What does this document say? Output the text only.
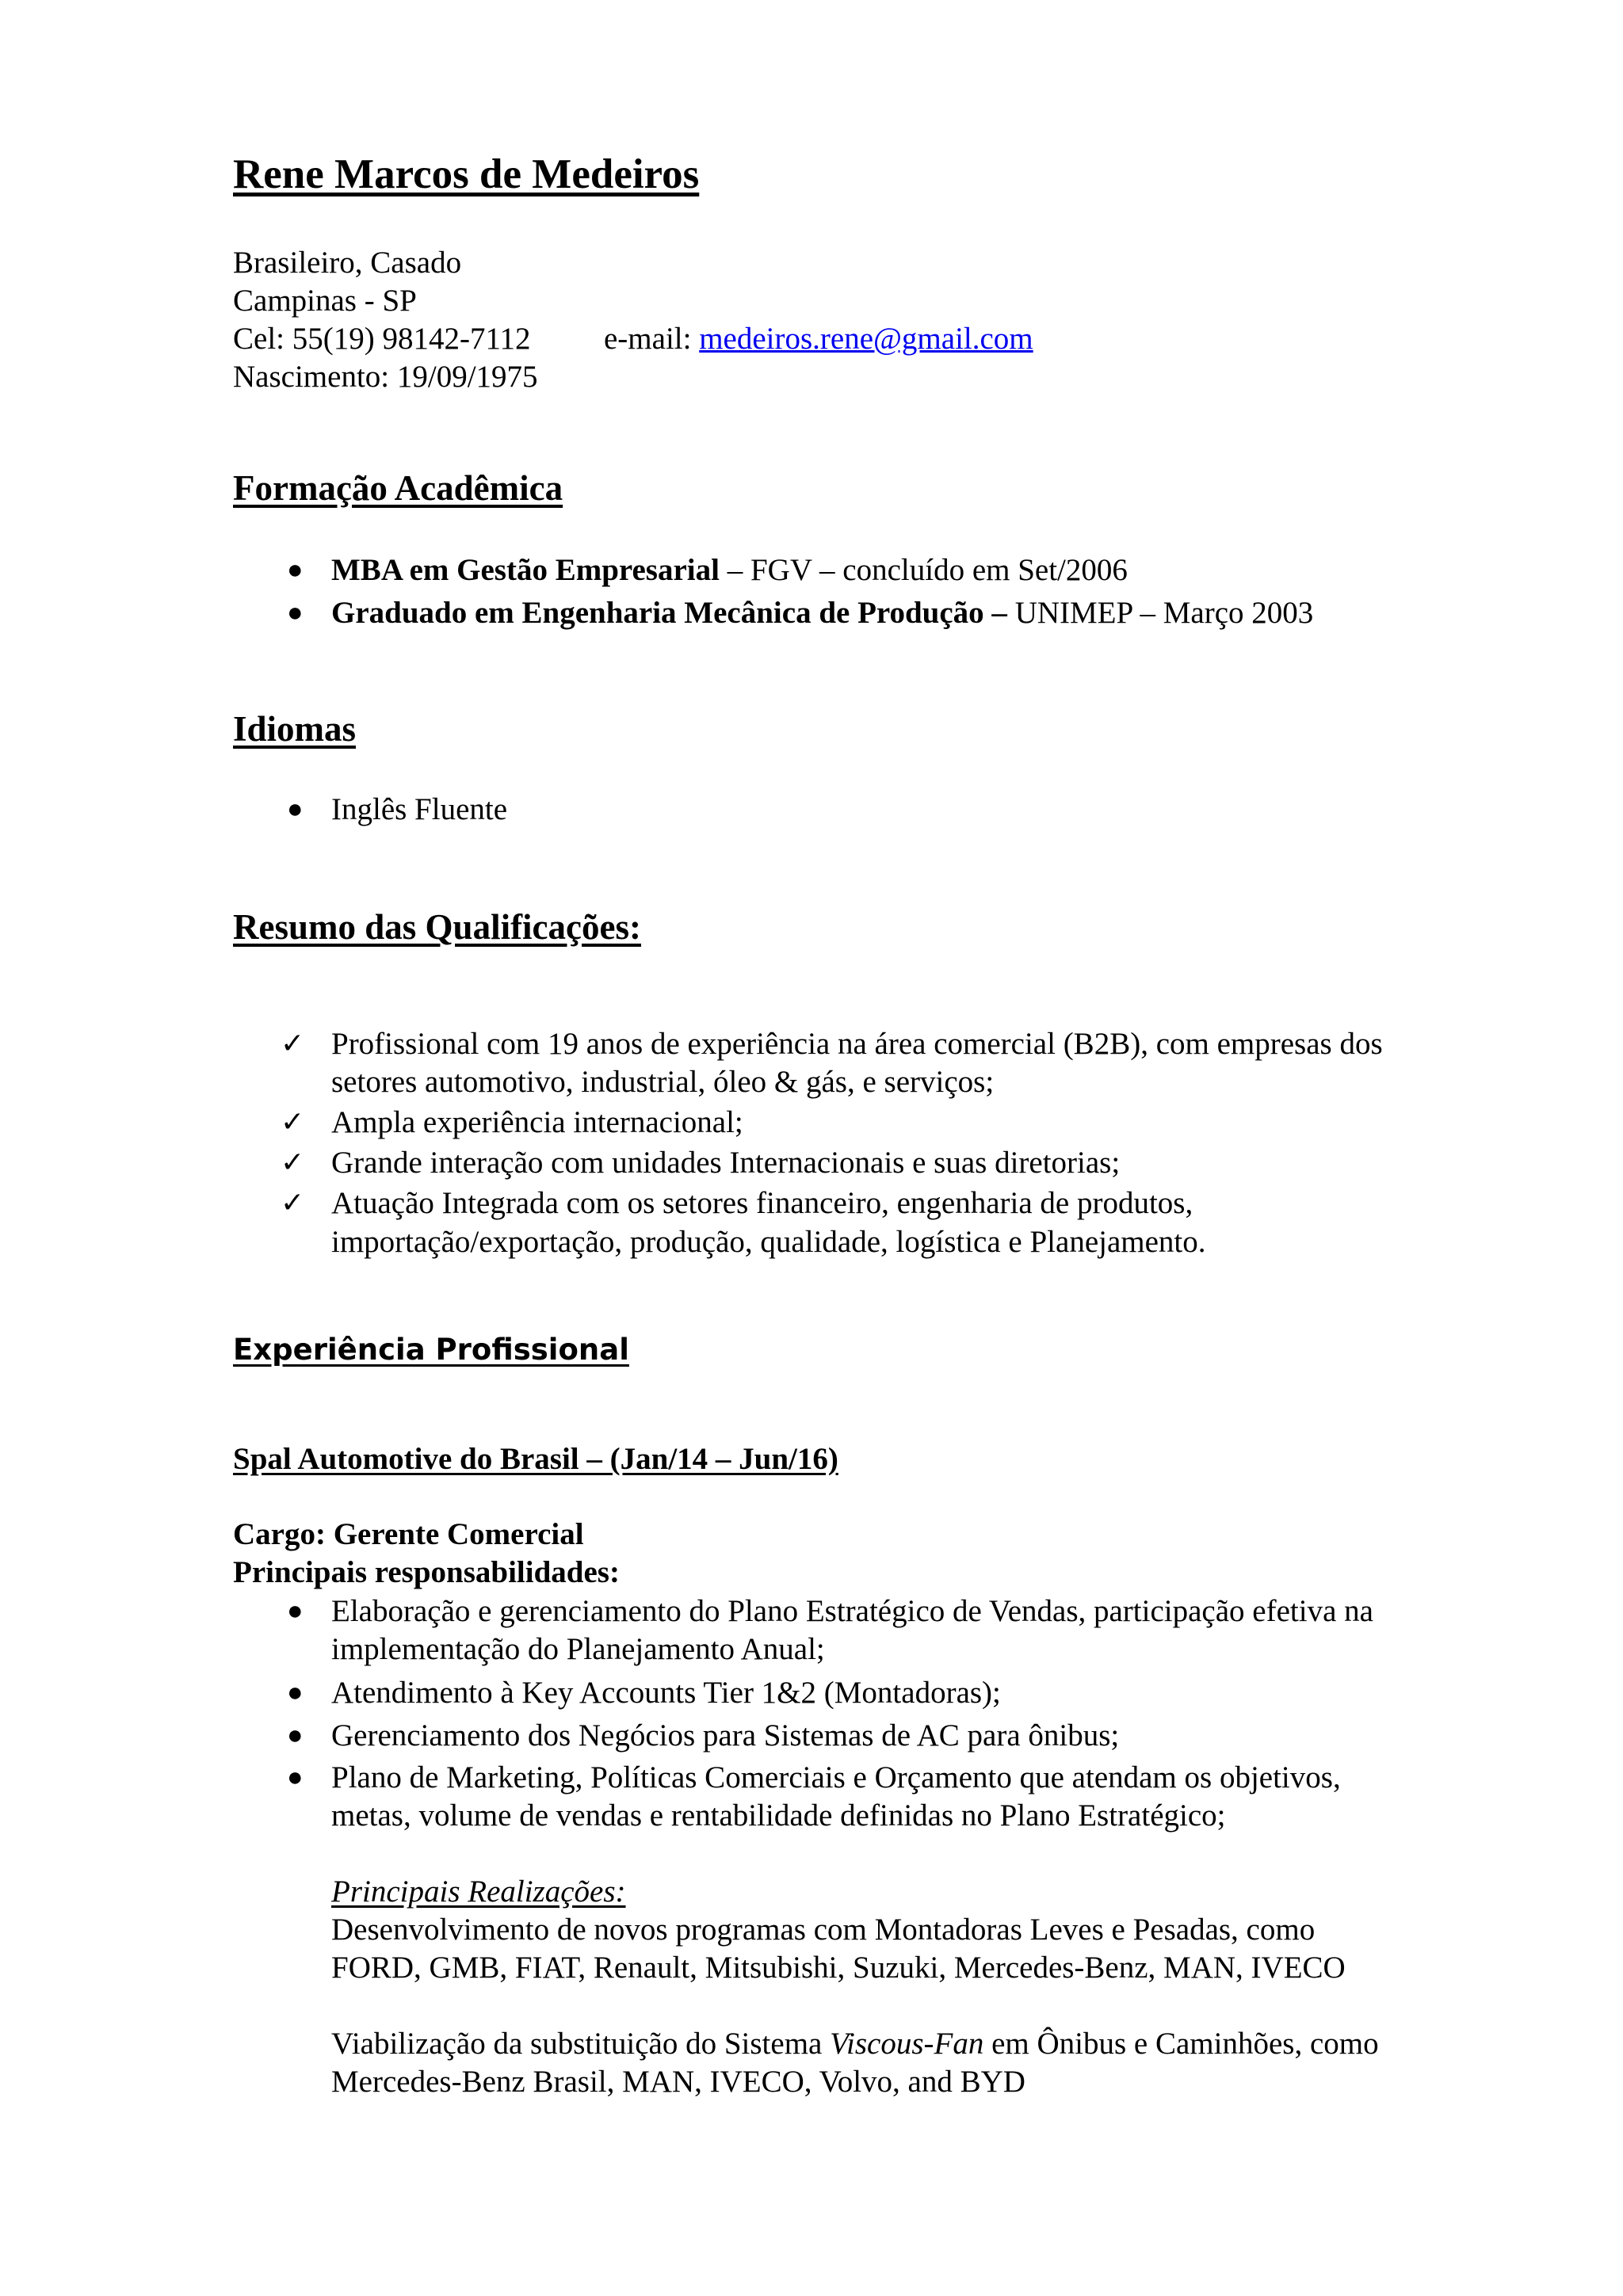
Rene Marcos de Medeiros
Brasileiro, Casado
Campinas - SP
Cel: 55(19) 98142-7112 e-mail: medeiros.rene@gmail.com
Nascimento: 19/09/1975
Formação Acadêmica
● MBA em Gestão Empresarial – FGV – concluído em Set/2006
● Graduado em Engenharia Mecânica de Produção – UNIMEP – Março 2003
Idiomas
● Inglês Fluente
Resumo das Qualificações:
✓ Profissional com 19 anos de experiência na área comercial (B2B), com empresas dos
setores automotivo, industrial, óleo & gás, e serviços;
✓ Ampla experiência internacional;
✓ Grande interação com unidades Internacionais e suas diretorias;
✓ Atuação Integrada com os setores financeiro, engenharia de produtos,
importação/exportação, produção, qualidade, logística e Planejamento.
Experiência Profissional
Spal Automotive do Brasil – (Jan/14 – Jun/16)
Cargo: Gerente Comercial
Principais responsabilidades:
● Elaboração e gerenciamento do Plano Estratégico de Vendas, participação efetiva na
implementação do Planejamento Anual;
● Atendimento à Key Accounts Tier 1&2 (Montadoras);
● Gerenciamento dos Negócios para Sistemas de AC para ônibus;
● Plano de Marketing, Políticas Comerciais e Orçamento que atendam os objetivos,
metas, volume de vendas e rentabilidade definidas no Plano Estratégico;
Principais Realizações:
Desenvolvimento de novos programas com Montadoras Leves e Pesadas, como
FORD, GMB, FIAT, Renault, Mitsubishi, Suzuki, Mercedes-Benz, MAN, IVECO
Viabilização da substituição do Sistema Viscous-Fan em Ônibus e Caminhões, como
Mercedes-Benz Brasil, MAN, IVECO, Volvo, and BYD
